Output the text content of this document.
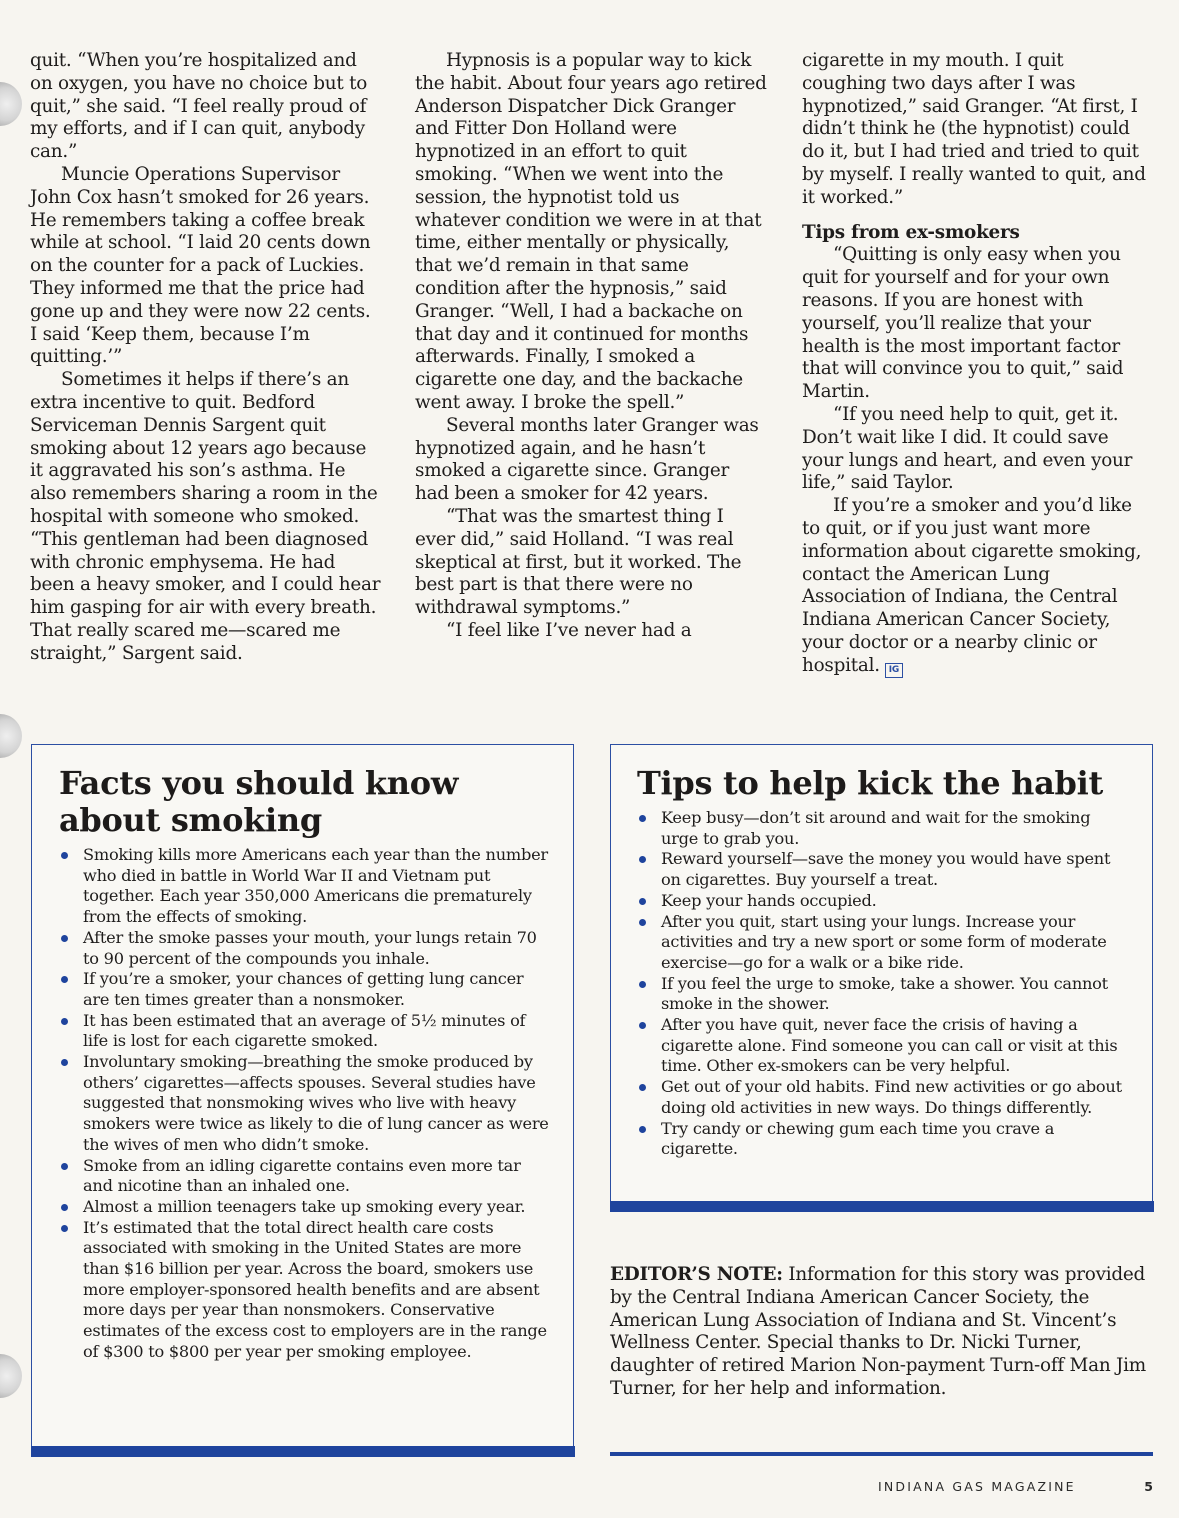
quit. “When you’re hospitalized and on oxygen, you have no choice but to quit,” she said. “I feel really proud of my efforts, and if I can quit, anybody can.”

Muncie Operations Supervisor John Cox hasn’t smoked for 26 years. He remembers taking a coffee break while at school. “I laid 20 cents down on the counter for a pack of Luckies. They informed me that the price had gone up and they were now 22 cents. I said ‘Keep them, because I’m quitting.’”

Sometimes it helps if there’s an extra incentive to quit. Bedford Serviceman Dennis Sargent quit smoking about 12 years ago because it aggravated his son’s asthma. He also remembers sharing a room in the hospital with someone who smoked. “This gentleman had been diagnosed with chronic emphysema. He had been a heavy smoker, and I could hear him gasping for air with every breath. That really scared me—scared me straight,” Sargent said.

Hypnosis is a popular way to kick the habit. About four years ago retired Anderson Dispatcher Dick Granger and Fitter Don Holland were hypnotized in an effort to quit smoking. “When we went into the session, the hypnotist told us whatever condition we were in at that time, either mentally or physically, that we’d remain in that same condition after the hypnosis,” said Granger. “Well, I had a backache on that day and it continued for months afterwards. Finally, I smoked a cigarette one day, and the backache went away. I broke the spell.”

Several months later Granger was hypnotized again, and he hasn’t smoked a cigarette since. Granger had been a smoker for 42 years.

“That was the smartest thing I ever did,” said Holland. “I was real skeptical at first, but it worked. The best part is that there were no withdrawal symptoms.”

“I feel like I’ve never had a

cigarette in my mouth. I quit coughing two days after I was hypnotized,” said Granger. “At first, I didn’t think he (the hypnotist) could do it, but I had tried and tried to quit by myself. I really wanted to quit, and it worked.”

Tips from ex-smokers

“Quitting is only easy when you quit for yourself and for your own reasons. If you are honest with yourself, you’ll realize that your health is the most important factor that will convince you to quit,” said Martin.

“If you need help to quit, get it. Don’t wait like I did. It could save your lungs and heart, and even your life,” said Taylor.

If you’re a smoker and you’d like to quit, or if you just want more information about cigarette smoking, contact the American Lung Association of Indiana, the Central Indiana American Cancer Society, your doctor or a nearby clinic or hospital. IG

Facts you should know about smoking
Smoking kills more Americans each year than the number who died in battle in World War II and Vietnam put together. Each year 350,000 Americans die prematurely from the effects of smoking.
After the smoke passes your mouth, your lungs retain 70 to 90 percent of the compounds you inhale.
If you’re a smoker, your chances of getting lung cancer are ten times greater than a nonsmoker.
It has been estimated that an average of 5½ minutes of life is lost for each cigarette smoked.
Involuntary smoking—breathing the smoke produced by others’ cigarettes—affects spouses. Several studies have suggested that nonsmoking wives who live with heavy smokers were twice as likely to die of lung cancer as were the wives of men who didn’t smoke.
Smoke from an idling cigarette contains even more tar and nicotine than an inhaled one.
Almost a million teenagers take up smoking every year.
It’s estimated that the total direct health care costs associated with smoking in the United States are more than $16 billion per year. Across the board, smokers use more employer-sponsored health benefits and are absent more days per year than nonsmokers. Conservative estimates of the excess cost to employers are in the range of $300 to $800 per year per smoking employee.
Tips to help kick the habit
Keep busy—don’t sit around and wait for the smoking urge to grab you.
Reward yourself—save the money you would have spent on cigarettes. Buy yourself a treat.
Keep your hands occupied.
After you quit, start using your lungs. Increase your activities and try a new sport or some form of moderate exercise—go for a walk or a bike ride.
If you feel the urge to smoke, take a shower. You cannot smoke in the shower.
After you have quit, never face the crisis of having a cigarette alone. Find someone you can call or visit at this time. Other ex-smokers can be very helpful.
Get out of your old habits. Find new activities or go about doing old activities in new ways. Do things differently.
Try candy or chewing gum each time you crave a cigarette.

EDITOR’S NOTE: Information for this story was provided by the Central Indiana American Cancer Society, the American Lung Association of Indiana and St. Vincent’s Wellness Center. Special thanks to Dr. Nicki Turner, daughter of retired Marion Non-payment Turn-off Man Jim Turner, for her help and information.

INDIANA GAS MAGAZINE	5
